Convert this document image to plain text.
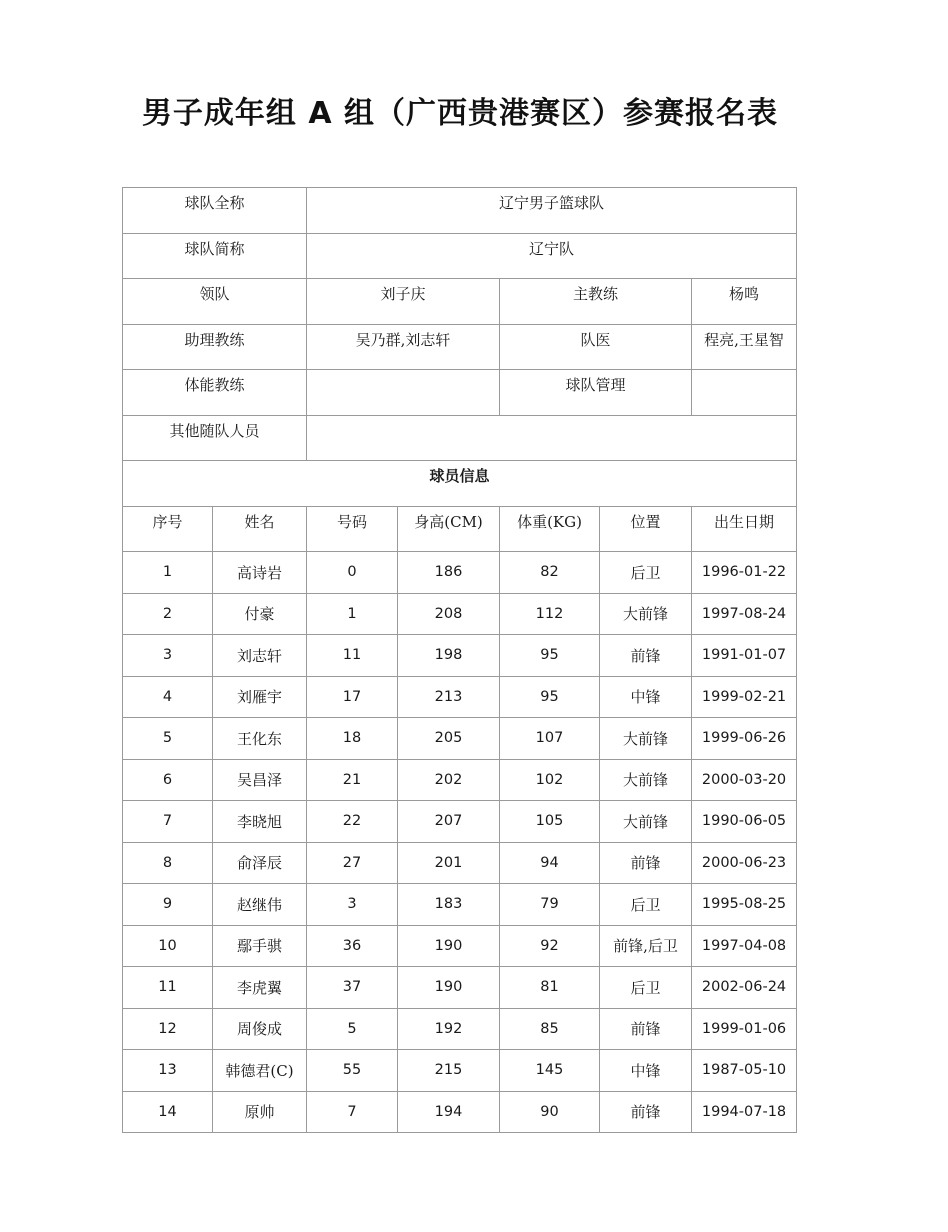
男子成年组 A 组（广西贵港赛区）参赛报名表
球队全称		辽宁男子篮球队				
球队简称		辽宁队				
领队		刘子庆		主教练		杨鸣
助理教练		吴乃群,刘志轩		队医		程亮,王星智
体能教练				球队管理		
其他随队人员						
球员信息						
序号	姓名	号码	身高(CM)	体重(KG)	位置	出生日期
1	高诗岩	0	186	82	后卫	1996-01-22
2	付豪	1	208	112	大前锋	1997-08-24
3	刘志轩	11	198	95	前锋	1991-01-07
4	刘雁宇	17	213	95	中锋	1999-02-21
5	王化东	18	205	107	大前锋	1999-06-26
6	吴昌泽	21	202	102	大前锋	2000-03-20
7	李晓旭	22	207	105	大前锋	1990-06-05
8	俞泽辰	27	201	94	前锋	2000-06-23
9	赵继伟	3	183	79	后卫	1995-08-25
10	鄢手骐	36	190	92	前锋,后卫	1997-04-08
11	李虎翼	37	190	81	后卫	2002-06-24
12	周俊成	5	192	85	前锋	1999-01-06
13	韩德君(C)	55	215	145	中锋	1987-05-10
14	原帅	7	194	90	前锋	1994-07-18
